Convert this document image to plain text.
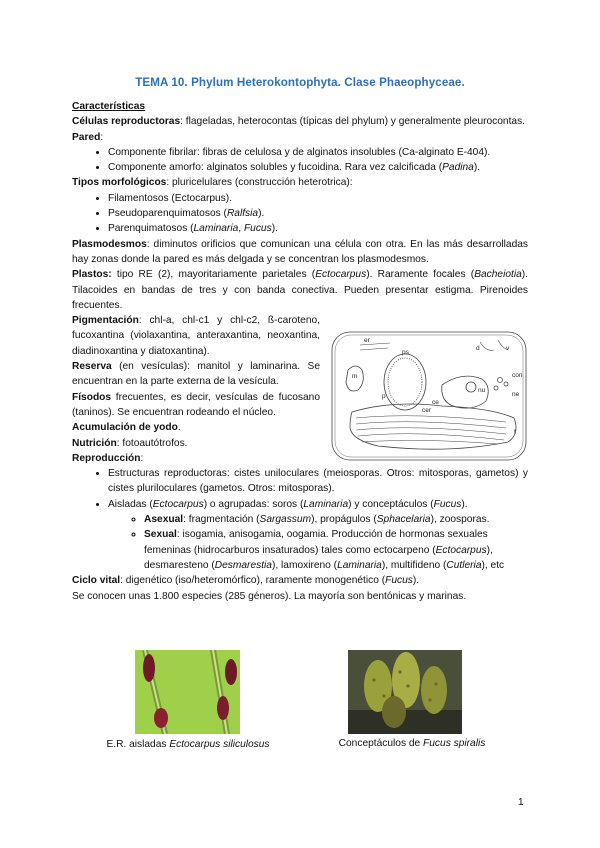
TEMA 10. Phylum Heterokontophyta. Clase Phaeophyceae.

Características

Células reproductoras: flageladas, heterocontas (típicas del phylum) y generalmente pleurocontas.

Pared:

• Componente fibrilar: fibras de celulosa y de alginatos insolubles (Ca-alginato E-404).
• Componente amorfo: alginatos solubles y fucoidina. Rara vez calcificada (Padina).

Tipos morfológicos: pluricelulares (construcción heterotrica):

• Filamentosos (Ectocarpus).
• Pseudoparenquimatosos (Ralfsia).
• Parenquimatosos (Laminaria, Fucus).

Plasmodesmos: diminutos orificios que comunican una célula con otra. En las más desarrolladas hay zonas donde la pared es más delgada y se concentran los plasmodesmos.

Plastos: tipo RE (2), mayoritariamente parietales (Ectocarpus). Raramente focales (Bacheiotia). Tilacoides en bandas de tres y con banda conectiva. Pueden presentar estigma. Pirenoides frecuentes.

Pigmentación: chl-a, chl-c1 y chl-c2, ß-caroteno, fucoxantina (violaxantina, anteraxantina, neoxantina, diadinoxantina y diatoxantina).

Reserva (en vesículas): manitol y laminarina. Se encuentran en la parte externa de la vesícula.

Físodos frecuentes, es decir, vesículas de fucosano (taninos). Se encuentran rodeando el núcleo.

Acumulación de yodo.

Nutrición: fotoautótrofos.

Reproducción:

• Estructuras reproductoras: cistes uniloculares (meiosporas. Otros: mitosporas, gametos) y cistes pluriloculares (gametos. Otros: mitosporas).
• Aisladas (Ectocarpus) o agrupadas: soros (Laminaria) y conceptáculos (Fucus).
◦ Asexual: fragmentación (Sargassum), propágulos (Sphacelaria), zoosporas.
◦ Sexual: isogamia, anisogamia, oogamia. Producción de hormonas sexuales femeninas (hidrocarburos insaturados) tales como ectocarpeno (Ectocarpus), desmaresteno (Desmarestia), lamoxireno (Laminaria), multifideno (Cutleria), etc

Ciclo vital: digenético (iso/heteromórfico), raramente monogenético (Fucus).

Se conocen unas 1.800 especies (285 géneros). La mayoría son bentónicas y marinas.

er
m
ps
d	v
p
con
nu
ne
ce
cer
f
E.R. aisladas Ectocarpus siliculosus	Conceptáculos de Fucus spiralis
1
